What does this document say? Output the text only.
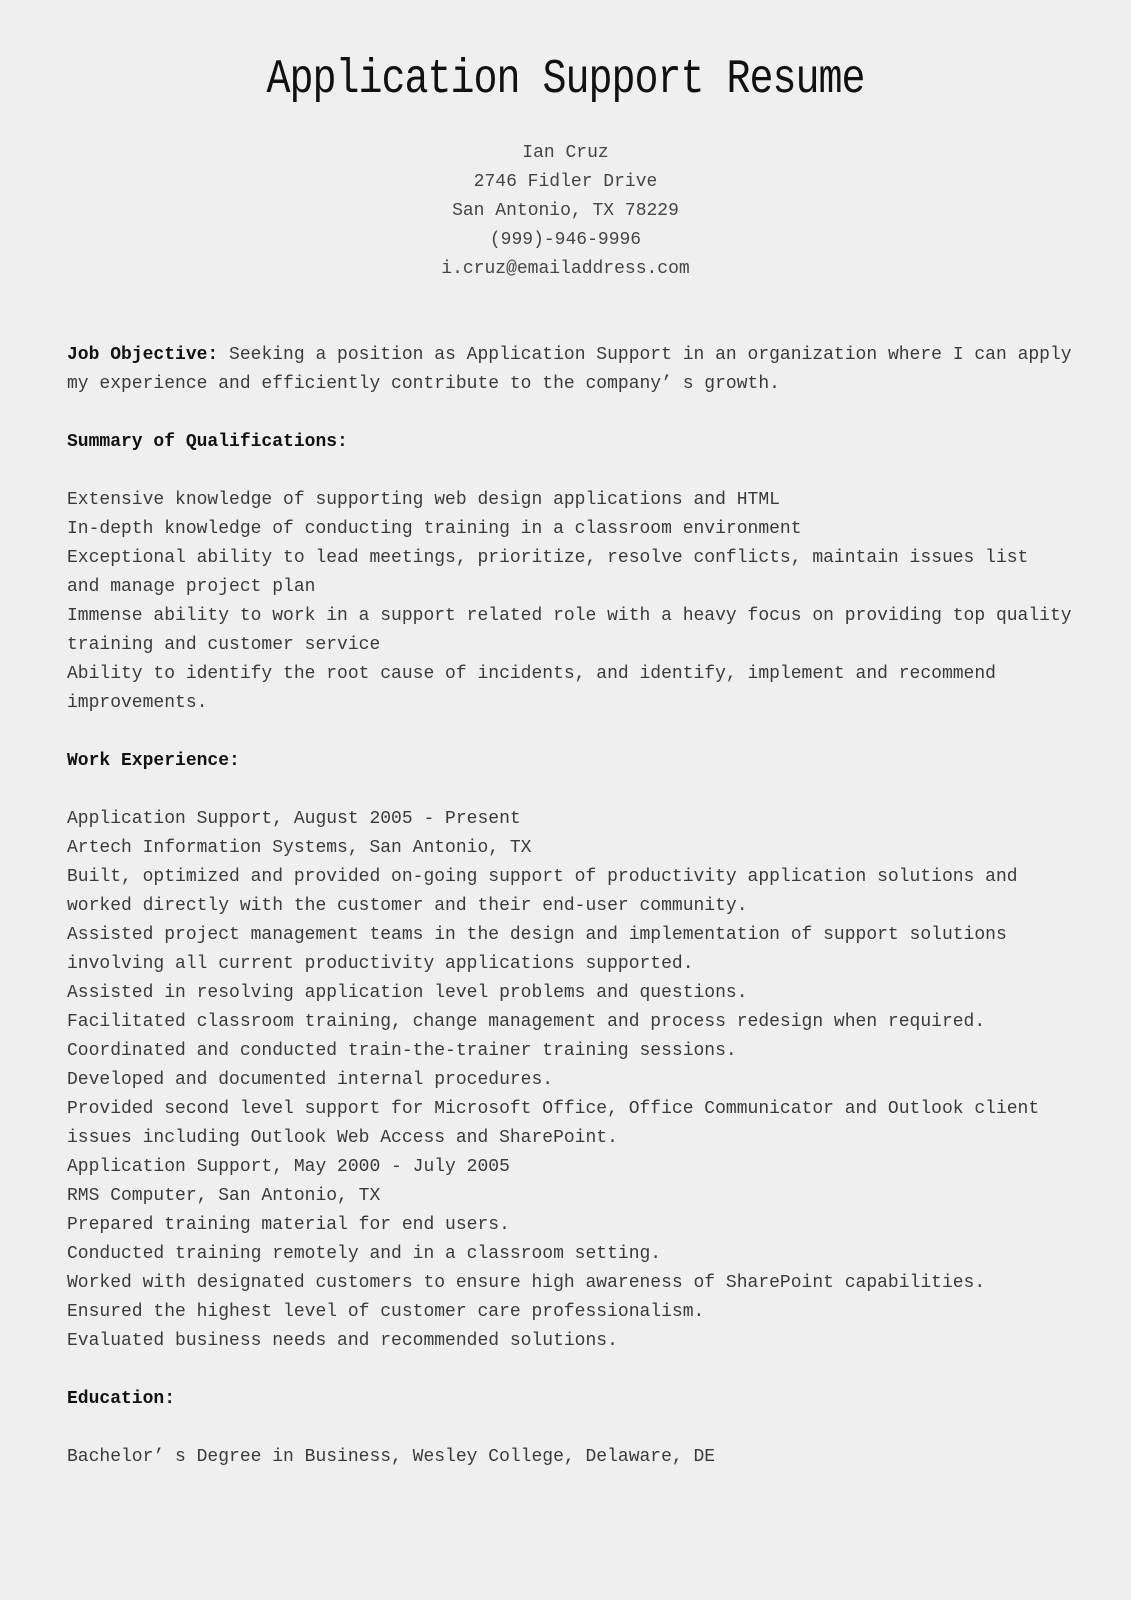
Application Support Resume
Ian Cruz
2746 Fidler Drive
San Antonio, TX 78229
(999)-946-9996
i.cruz@emailaddress.com
Job Objective: Seeking a position as Application Support in an organization where I can apply
my experience and efficiently contribute to the company’ s growth.
Summary of Qualifications:
Extensive knowledge of supporting web design applications and HTML
In-depth knowledge of conducting training in a classroom environment
Exceptional ability to lead meetings, prioritize, resolve conflicts, maintain issues list
and manage project plan
Immense ability to work in a support related role with a heavy focus on providing top quality
training and customer service
Ability to identify the root cause of incidents, and identify, implement and recommend
improvements.
Work Experience:
Application Support, August 2005 - Present
Artech Information Systems, San Antonio, TX
Built, optimized and provided on-going support of productivity application solutions and
worked directly with the customer and their end-user community.
Assisted project management teams in the design and implementation of support solutions
involving all current productivity applications supported.
Assisted in resolving application level problems and questions.
Facilitated classroom training, change management and process redesign when required.
Coordinated and conducted train-the-trainer training sessions.
Developed and documented internal procedures.
Provided second level support for Microsoft Office, Office Communicator and Outlook client
issues including Outlook Web Access and SharePoint.
Application Support, May 2000 - July 2005
RMS Computer, San Antonio, TX
Prepared training material for end users.
Conducted training remotely and in a classroom setting.
Worked with designated customers to ensure high awareness of SharePoint capabilities.
Ensured the highest level of customer care professionalism.
Evaluated business needs and recommended solutions.
Education:
Bachelor’ s Degree in Business, Wesley College, Delaware, DE
